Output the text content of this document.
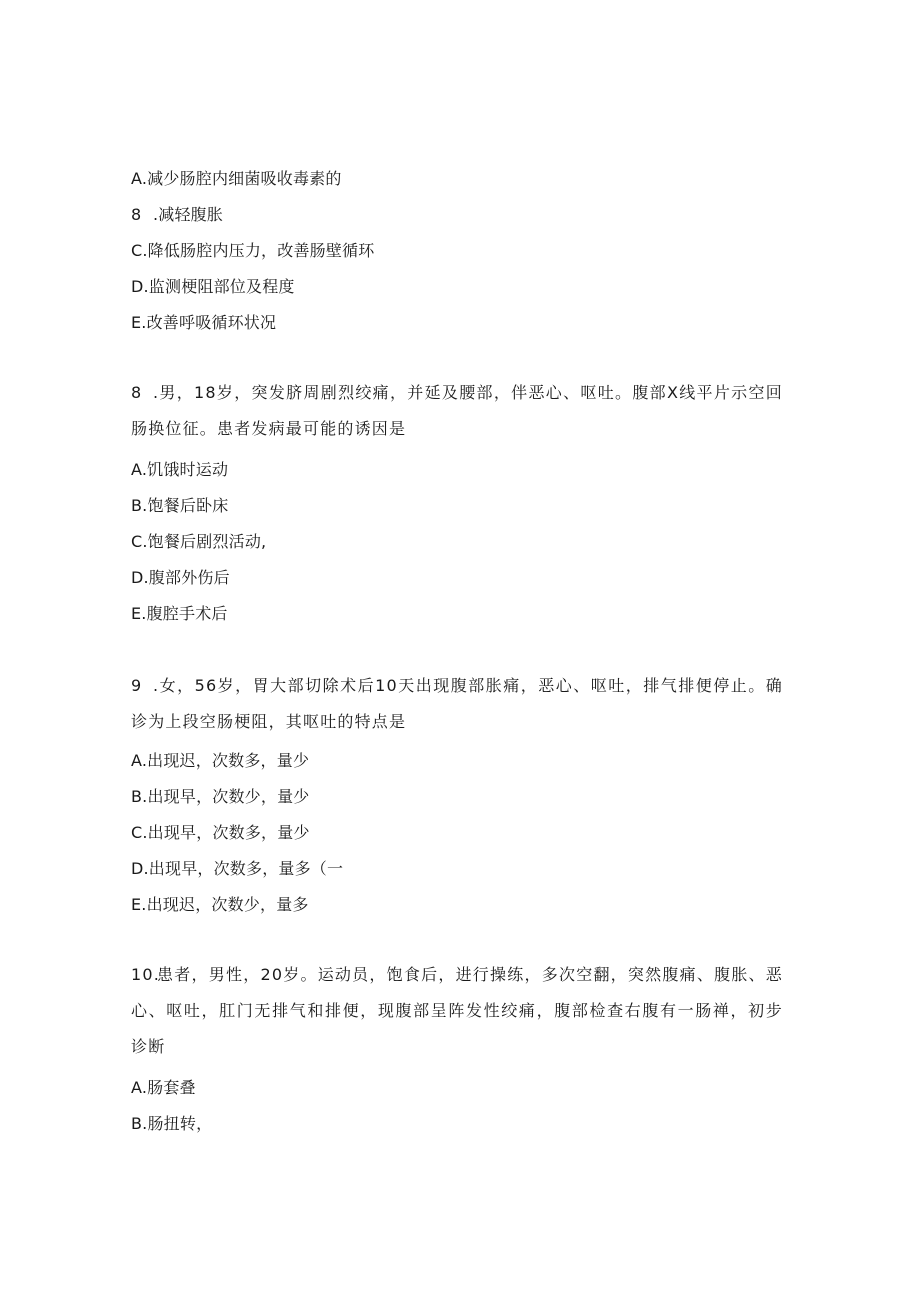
A.减少肠腔内细菌吸收毒素的
8 .减轻腹胀
C.降低肠腔内压力，改善肠壁循环
D.监测梗阻部位及程度
E.改善呼吸循环状况
8 .男，18岁，突发脐周剧烈绞痛，并延及腰部，伴恶心、呕吐。腹部X线平片示空回肠换位征。患者发病最可能的诱因是
A.饥饿时运动
B.饱餐后卧床
C.饱餐后剧烈活动,
D.腹部外伤后
E.腹腔手术后
9 .女，56岁，胃大部切除术后10天出现腹部胀痛，恶心、呕吐，排气排便停止。确诊为上段空肠梗阻，其呕吐的特点是
A.出现迟，次数多，量少
B.出现早，次数少，量少
C.出现早，次数多，量少
D.出现早，次数多，量多（一
E.出现迟，次数少，量多
10.患者，男性，20岁。运动员，饱食后，进行操练，多次空翻，突然腹痛、腹胀、恶心、呕吐，肛门无排气和排便，现腹部呈阵发性绞痛，腹部检查右腹有一肠禅，初步诊断
A.肠套叠
B.肠扭转，
